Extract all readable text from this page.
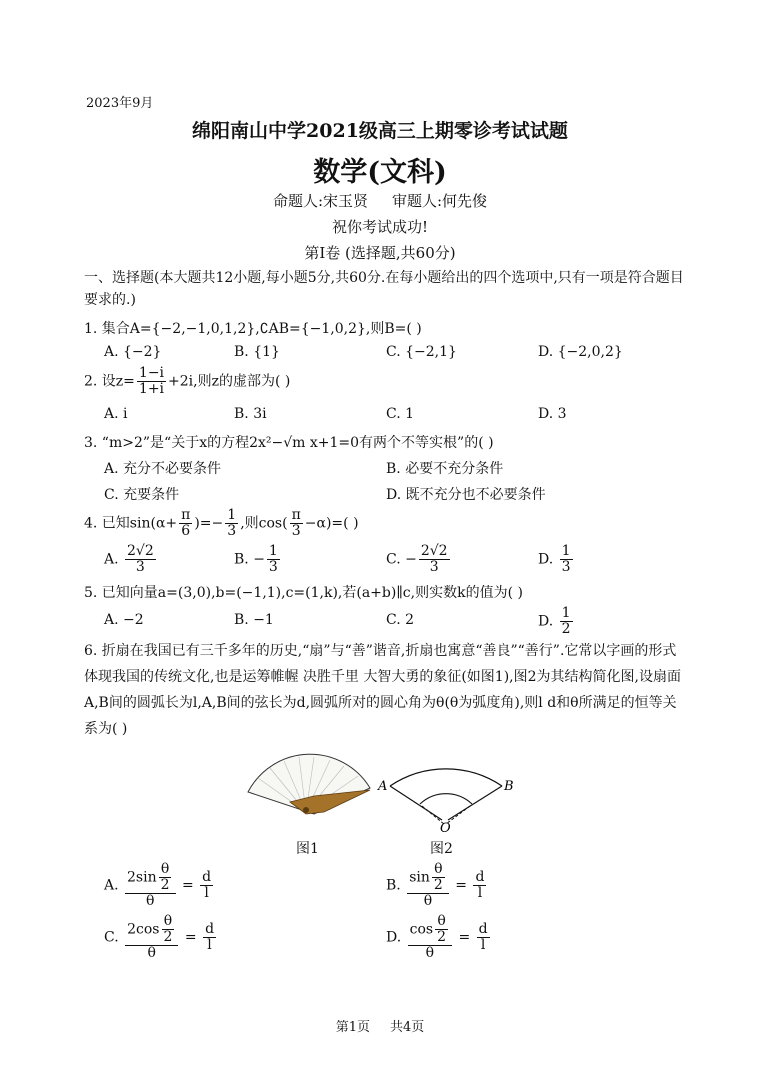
2023年9月
绵阳南山中学2021级高三上期零诊考试试题
数学(文科)
命题人:宋玉贤 审题人:何先俊
祝你考试成功!
第Ⅰ卷 (选择题,共60分)
一、选择题(本大题共12小题,每小题5分,共60分.在每小题给出的四个选项中,只有一项是符合题目要求的.)
1. 集合A={−2,−1,0,1,2},∁AB={−1,0,2},则B=( )
A. {−2}	B. {1}	C. {−2,1}	D. {−2,0,2}
2. 设$z= \frac{1-i}{1+i} +2i$,则z的虚部为( )
A. i	B. 3i	C. 1	D. 3
3. “m>2”是“关于x的方程2x²−√m x+1=0有两个不等实根”的( )
A. 充分不必要条件	B. 必要不充分条件
C. 充要条件	D. 既不充分也不必要条件
4. 已知$\sin(\alpha+ \frac{\pi}{6}$ )=− $\frac{1}{3}$ ,则$\cos( \frac{\pi}{3} -\alpha)=$( )
A. $\frac{2√2}{3}$	B. − $\frac{1}{3}$	C. − $\frac{2√2}{3}$	D. $\frac{1}{3}$
5. 已知向量a=(3,0),b=(−1,1),c=(1,k),若(a+b)∥c,则实数k的值为( )
A. −2	B. −1	C. 2	D. $\frac{1}{2}$
6. 折扇在我国已有三千多年的历史,“扇”与“善”谐音,折扇也寓意“善良”“善行”.它常以字画的形式体现我国的传统文化,也是运筹帷幄 决胜千里 大智大勇的象征(如图1),图2为其结构简化图,设扇面A,B间的圆弧长为l,A,B间的弦长为d,圆弧所对的圆心角为θ(θ为弧度角),则l d和θ所满足的恒等关系为( )
图1
A	B
O
图2
A. $\frac{2\sin \frac{\theta}{2}}{\theta} = \frac{d}{l}$	B. $\frac{\sin \frac{\theta}{2}}{\theta} = \frac{d}{l}$
C. $\frac{2\cos \frac{\theta}{2}}{\theta} = \frac{d}{l}$	D. $\frac{\cos \frac{\theta}{2}}{\theta} = \frac{d}{l}$
第1页 共4页
